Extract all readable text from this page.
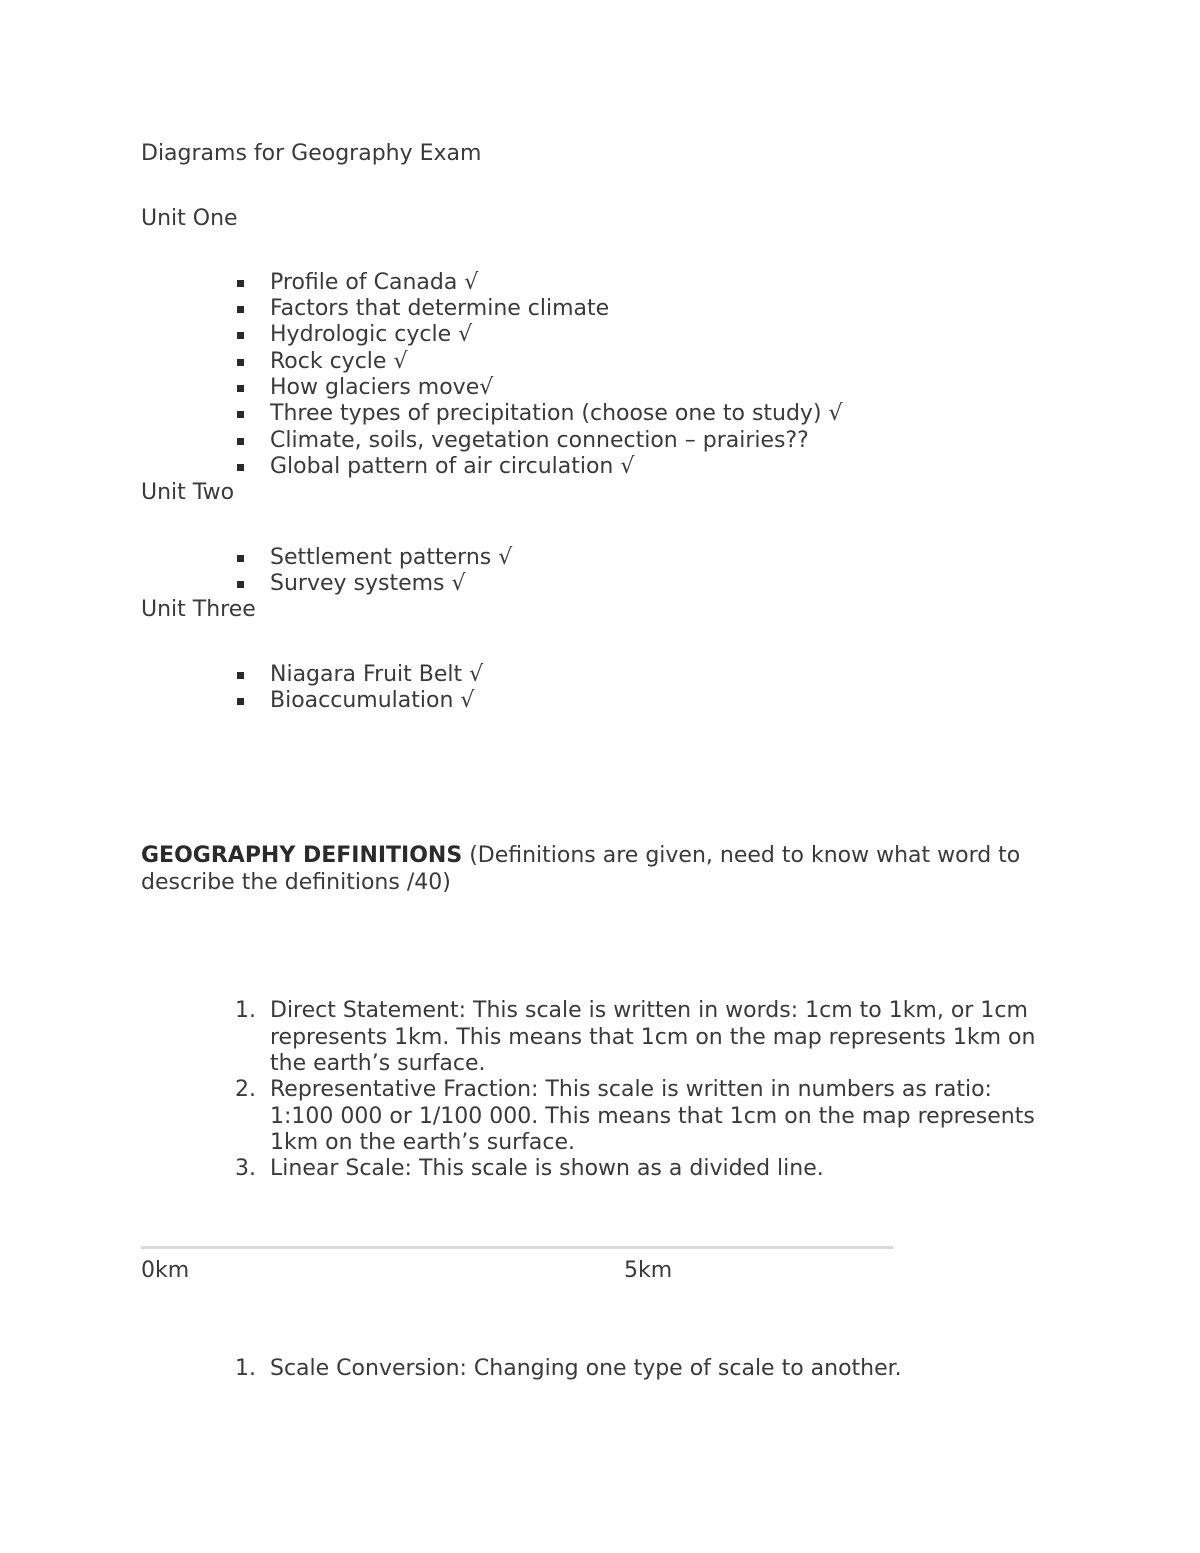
Diagrams for Geography Exam
Unit One
Profile of Canada √
Factors that determine climate
Hydrologic cycle √
Rock cycle √
How glaciers move√
Three types of precipitation (choose one to study) √
Climate, soils, vegetation connection – prairies??
Global pattern of air circulation √
Unit Two
Settlement patterns √
Survey systems √
Unit Three
Niagara Fruit Belt √
Bioaccumulation √
GEOGRAPHY DEFINITIONS (Definitions are given, need to know what word to
describe the definitions /40)
1. Direct Statement: This scale is written in words: 1cm to 1km, or 1cm
represents 1km. This means that 1cm on the map represents 1km on
the earth’s surface.
2. Representative Fraction: This scale is written in numbers as ratio:
1:100 000 or 1/100 000. This means that 1cm on the map represents
1km on the earth’s surface.
3. Linear Scale: This scale is shown as a divided line.
0km	5km
1. Scale Conversion: Changing one type of scale to another.
